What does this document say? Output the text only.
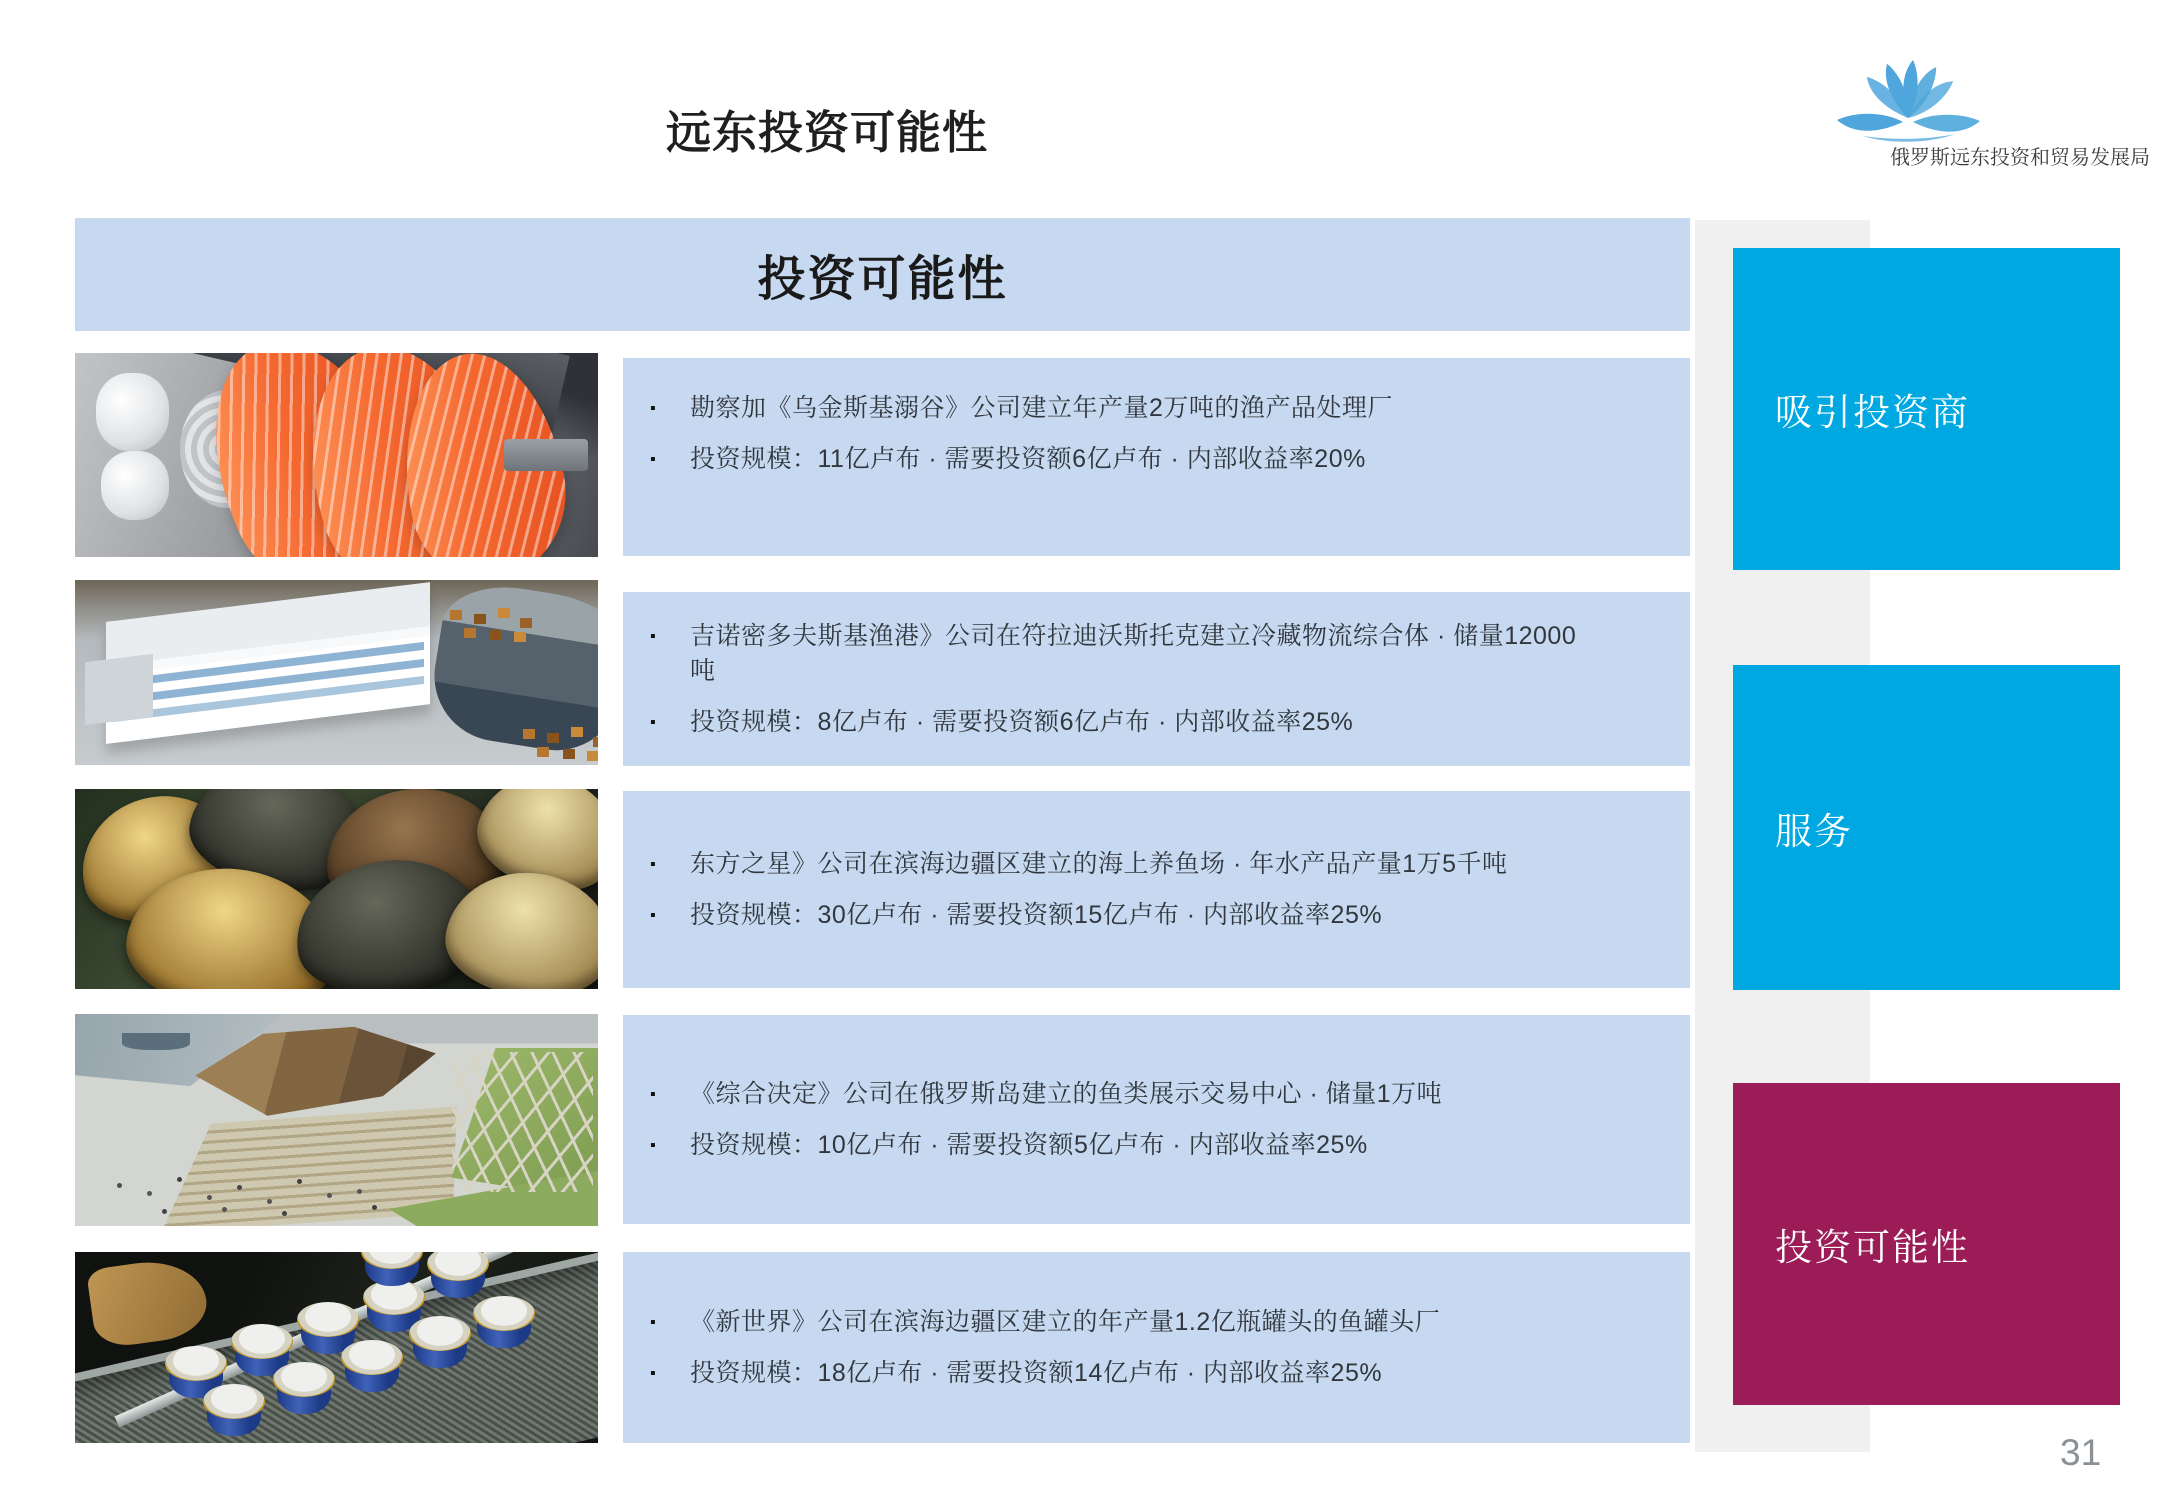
远东投资可能性	俄罗斯远东投资和贸易发展局
投资可能性
▪	勘察加《乌金斯基溺谷》公司建立年产量2万吨的渔产品处理厂
▪	投资规模：11亿卢布 · 需要投资额6亿卢布 · 内部收益率20%
▪	吉诺密多夫斯基渔港》公司在符拉迪沃斯托克建立冷藏物流综合体 · 储量12000吨
▪	投资规模：8亿卢布 · 需要投资额6亿卢布 · 内部收益率25%
▪	东方之星》公司在滨海边疆区建立的海上养鱼场 · 年水产品产量1万5千吨
▪	投资规模：30亿卢布 · 需要投资额15亿卢布 · 内部收益率25%
▪	《综合决定》公司在俄罗斯岛建立的鱼类展示交易中心 · 储量1万吨
▪	投资规模：10亿卢布 · 需要投资额5亿卢布 · 内部收益率25%
▪	《新世界》公司在滨海边疆区建立的年产量1.2亿瓶罐头的鱼罐头厂
▪	投资规模：18亿卢布 · 需要投资额14亿卢布 · 内部收益率25%
吸引投资商
服务
投资可能性
31
